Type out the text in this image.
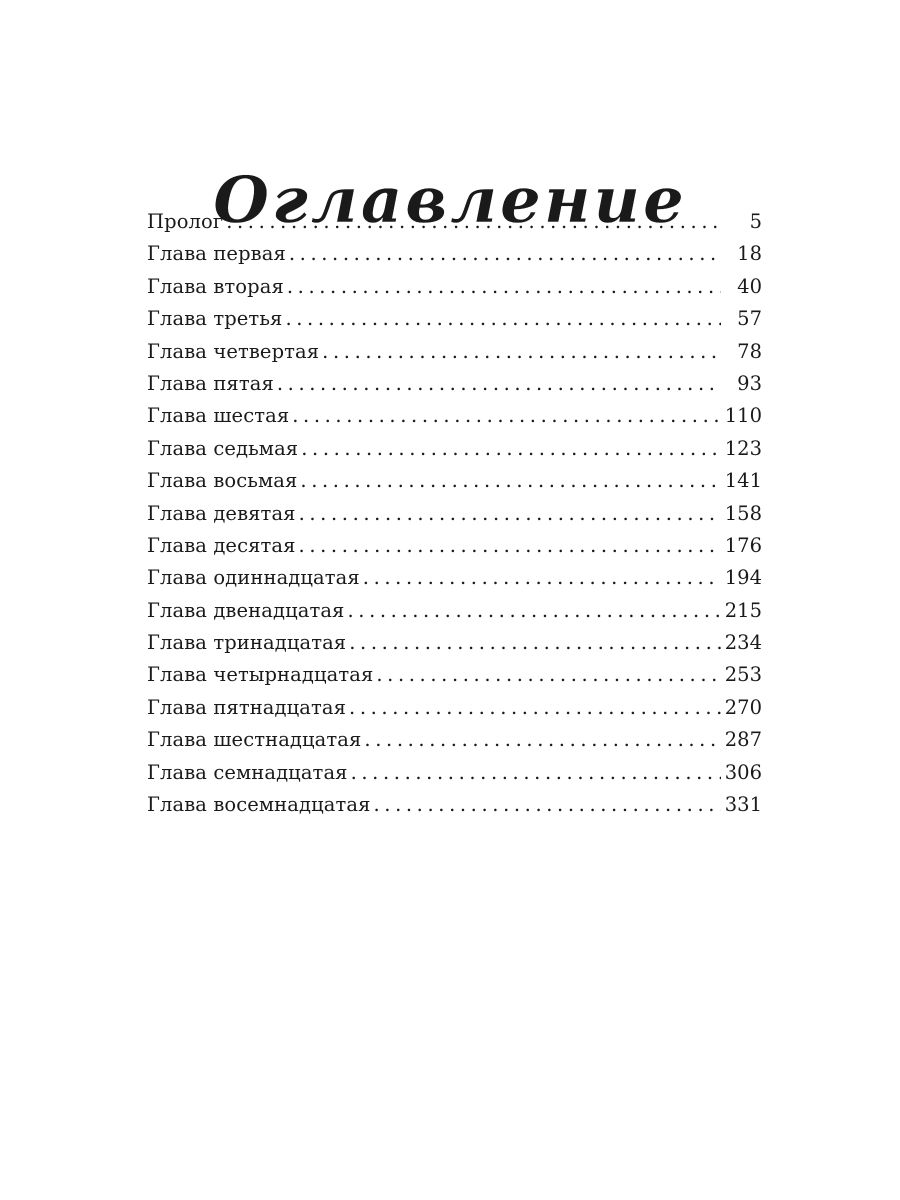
Оглавление
Пролог .....	5
Глава первая .....	18
Глава вторая .....	40
Глава третья .....	57
Глава четвертая .....	78
Глава пятая .....	93
Глава шестая .....	110
Глава седьмая .....	123
Глава восьмая .....	141
Глава девятая .....	158
Глава десятая .....	176
Глава одиннадцатая .....	194
Глава двенадцатая .....	215
Глава тринадцатая .....	234
Глава четырнадцатая .....	253
Глава пятнадцатая .....	270
Глава шестнадцатая .....	287
Глава семнадцатая .....	306
Глава восемнадцатая .....	331
